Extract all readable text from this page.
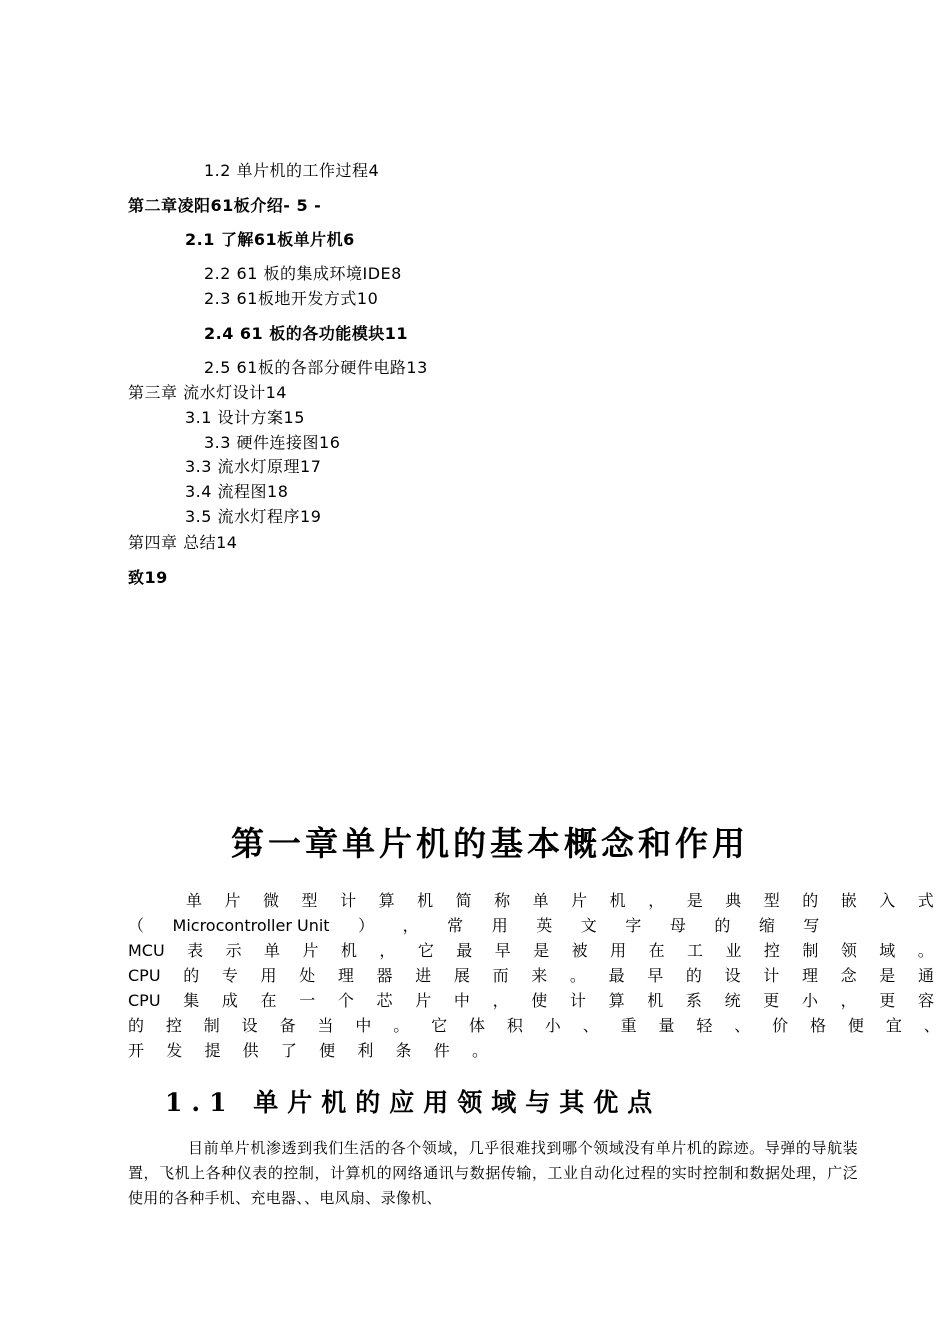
1.2 单片机的工作过程4
第二章凌阳61板介绍- 5 -
2.1 了解61板单片机6
2.2 61 板的集成环境IDE8
2.3 61板地开发方式10
2.4 61 板的各功能模块11
2.5 61板的各部分硬件电路13
第三章 流水灯设计14
3.1 设计方案15
3.3 硬件连接图16
3.3 流水灯原理17
3.4 流程图18
3.5 流水灯程序19
第四章 总结14
致19
第一章单片机的基本概念和作用
单 片 微 型 计 算 机 简 称 单 片 机 ， 是 典 型 的 嵌 入 式
（ Microcontroller Unit ） ， 常 用 英 文 字 母 的 缩 写
MCU 表 示 单 片 机 ， 它 最 早 是 被 用 在 工 业 控 制 领 域 。
CPU 的 专 用 处 理 器 进 展 而 来 。 最 早 的 设 计 理 念 是 通
CPU 集 成 在 一 个 芯 片 中 ， 使 计 算 机 系 统 更 小 ， 更 容
的 控 制 设 备 当 中 。 它 体 积 小 、 重 量 轻 、 价 格 便 宜 、
开 发 提 供 了 便 利 条 件 。
1.1 单片机的应用领域与其优点

目前单片机渗透到我们生活的各个领域，几乎很难找到哪个领域没有单片机的踪迹。导弹的导航装置，飞机上各种仪表的控制，计算机的网络通讯与数据传输，工业自动化过程的实时控制和数据处理，广泛使用的各种手机、充电器、、电风扇、录像机、
